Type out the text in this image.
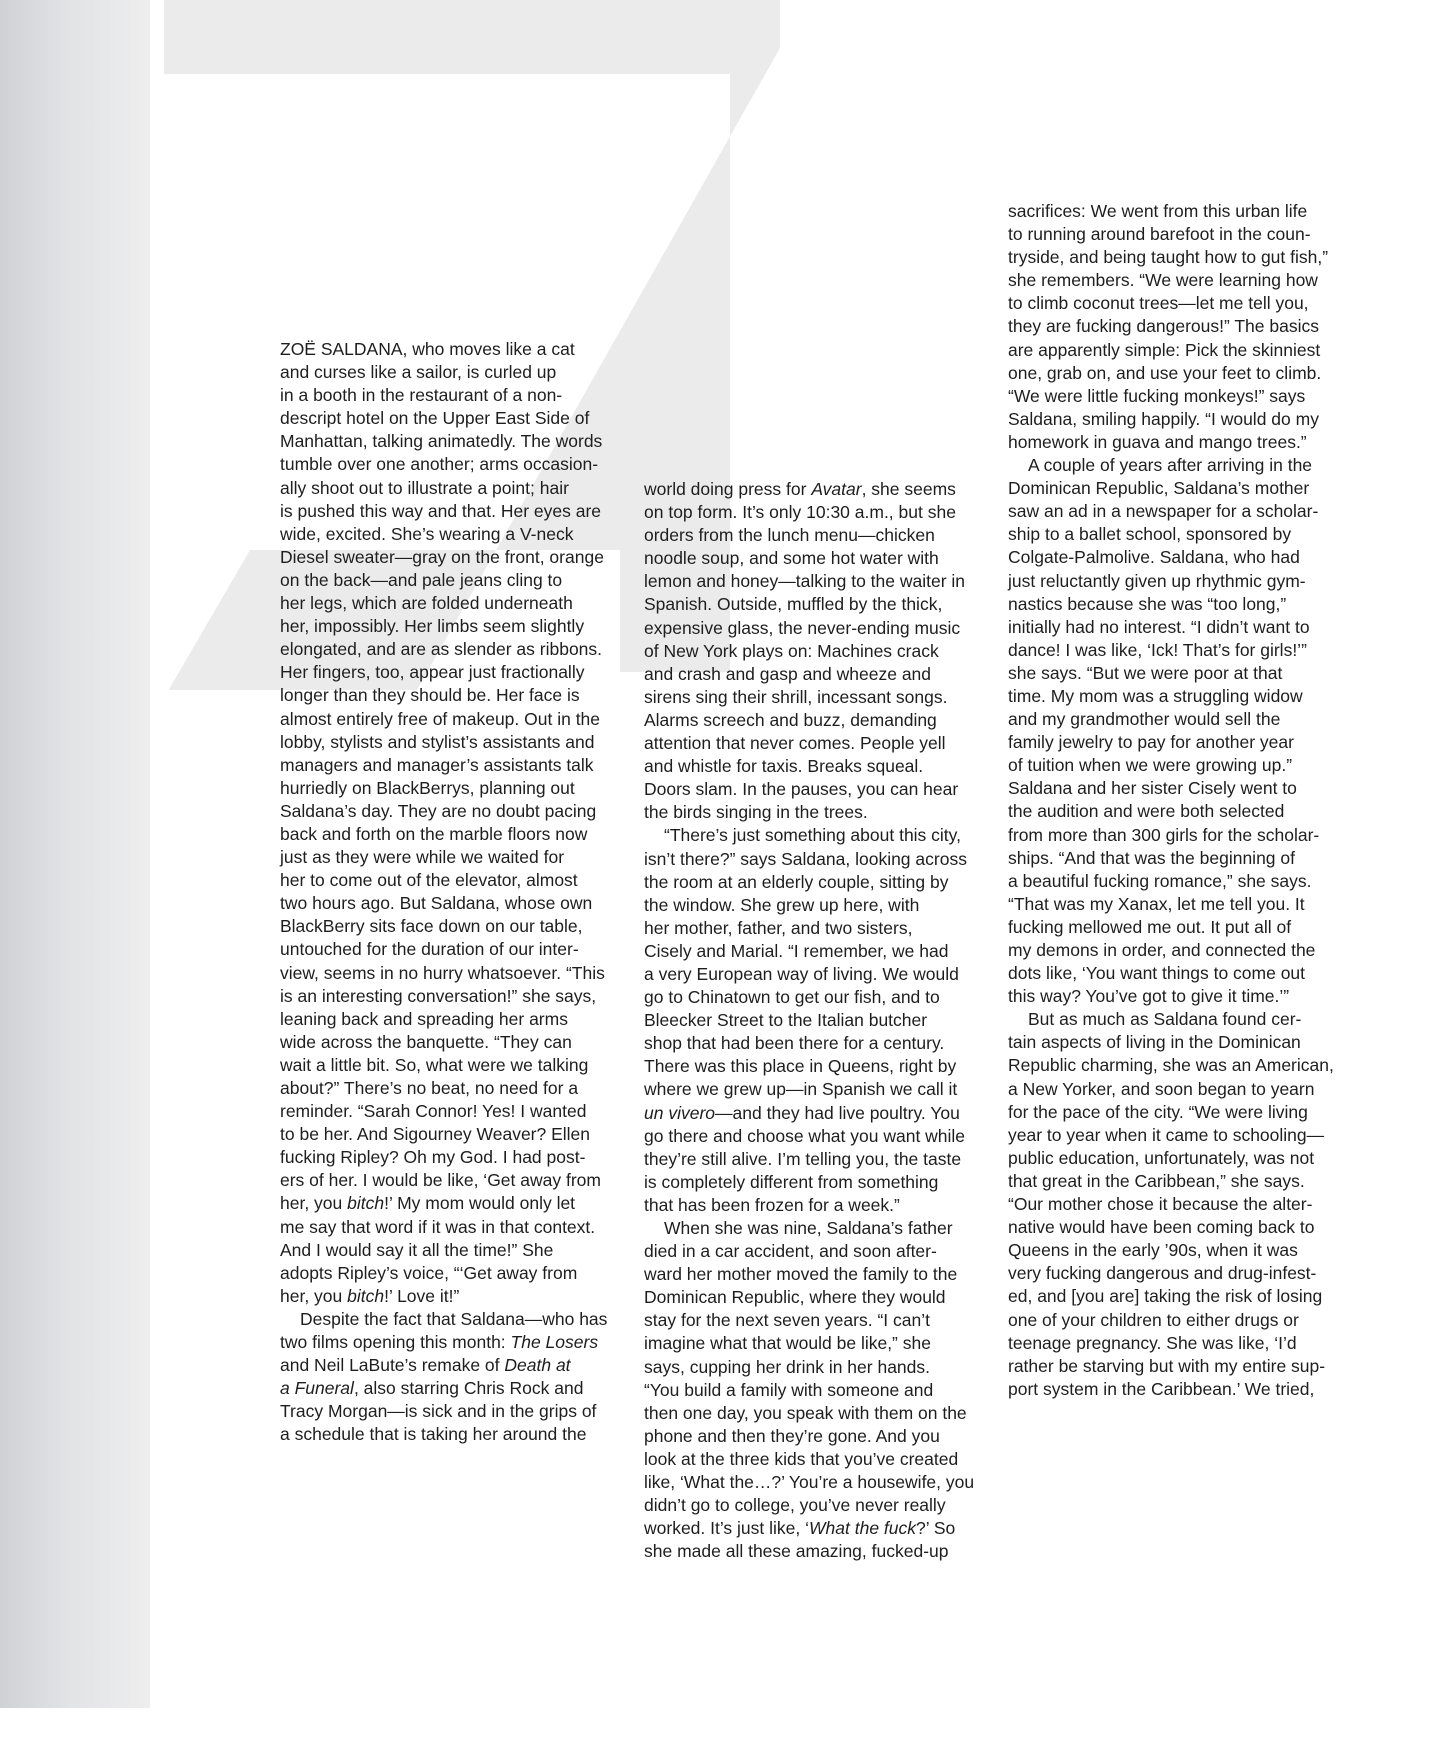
ZOË SALDANA, who moves like a cat
and curses like a sailor, is curled up
in a booth in the restaurant of a non-
descript hotel on the Upper East Side of
Manhattan, talking animatedly. The words
tumble over one another; arms occasion-
ally shoot out to illustrate a point; hair
is pushed this way and that. Her eyes are
wide, excited. She’s wearing a V-neck
Diesel sweater—gray on the front, orange
on the back—and pale jeans cling to
her legs, which are folded underneath
her, impossibly. Her limbs seem slightly
elongated, and are as slender as ribbons.
Her fingers, too, appear just fractionally
longer than they should be. Her face is
almost entirely free of makeup. Out in the
lobby, stylists and stylist’s assistants and
managers and manager’s assistants talk
hurriedly on BlackBerrys, planning out
Saldana’s day. They are no doubt pacing
back and forth on the marble floors now
just as they were while we waited for
her to come out of the elevator, almost
two hours ago. But Saldana, whose own
BlackBerry sits face down on our table,
untouched for the duration of our inter-
view, seems in no hurry whatsoever. “This
is an interesting conversation!” she says,
leaning back and spreading her arms
wide across the banquette. “They can
wait a little bit. So, what were we talking
about?” There’s no beat, no need for a
reminder. “Sarah Connor! Yes! I wanted
to be her. And Sigourney Weaver? Ellen
fucking Ripley? Oh my God. I had post-
ers of her. I would be like, ‘Get away from
her, you bitch!’ My mom would only let
me say that word if it was in that context.
And I would say it all the time!” She
adopts Ripley’s voice, “‘Get away from
her, you bitch!’ Love it!”

Despite the fact that Saldana—who has
two films opening this month: The Losers
and Neil LaBute’s remake of Death at
a Funeral, also starring Chris Rock and
Tracy Morgan—is sick and in the grips of
a schedule that is taking her around the

world doing press for Avatar, she seems
on top form. It’s only 10:30 a.m., but she
orders from the lunch menu—chicken
noodle soup, and some hot water with
lemon and honey—talking to the waiter in
Spanish. Outside, muffled by the thick,
expensive glass, the never-ending music
of New York plays on: Machines crack
and crash and gasp and wheeze and
sirens sing their shrill, incessant songs.
Alarms screech and buzz, demanding
attention that never comes. People yell
and whistle for taxis. Breaks squeal.
Doors slam. In the pauses, you can hear
the birds singing in the trees.

“There’s just something about this city,
isn’t there?” says Saldana, looking across
the room at an elderly couple, sitting by
the window. She grew up here, with
her mother, father, and two sisters,
Cisely and Marial. “I remember, we had
a very European way of living. We would
go to Chinatown to get our fish, and to
Bleecker Street to the Italian butcher
shop that had been there for a century.
There was this place in Queens, right by
where we grew up—in Spanish we call it
un vivero—and they had live poultry. You
go there and choose what you want while
they’re still alive. I’m telling you, the taste
is completely different from something
that has been frozen for a week.”

When she was nine, Saldana’s father
died in a car accident, and soon after-
ward her mother moved the family to the
Dominican Republic, where they would
stay for the next seven years. “I can’t
imagine what that would be like,” she
says, cupping her drink in her hands.
“You build a family with someone and
then one day, you speak with them on the
phone and then they’re gone. And you
look at the three kids that you’ve created
like, ‘What the…?’ You’re a housewife, you
didn’t go to college, you’ve never really
worked. It’s just like, ‘What the fuck?’ So
she made all these amazing, fucked-up

sacrifices: We went from this urban life
to running around barefoot in the coun-
tryside, and being taught how to gut fish,”
she remembers. “We were learning how
to climb coconut trees—let me tell you,
they are fucking dangerous!” The basics
are apparently simple: Pick the skinniest
one, grab on, and use your feet to climb.
“We were little fucking monkeys!” says
Saldana, smiling happily. “I would do my
homework in guava and mango trees.”

A couple of years after arriving in the
Dominican Republic, Saldana’s mother
saw an ad in a newspaper for a scholar-
ship to a ballet school, sponsored by
Colgate-Palmolive. Saldana, who had
just reluctantly given up rhythmic gym-
nastics because she was “too long,”
initially had no interest. “I didn’t want to
dance! I was like, ‘Ick! That’s for girls!’”
she says. “But we were poor at that
time. My mom was a struggling widow
and my grandmother would sell the
family jewelry to pay for another year
of tuition when we were growing up.”
Saldana and her sister Cisely went to
the audition and were both selected
from more than 300 girls for the scholar-
ships. “And that was the beginning of
a beautiful fucking romance,” she says.
“That was my Xanax, let me tell you. It
fucking mellowed me out. It put all of
my demons in order, and connected the
dots like, ‘You want things to come out
this way? You’ve got to give it time.’”

But as much as Saldana found cer-
tain aspects of living in the Dominican
Republic charming, she was an American,
a New Yorker, and soon began to yearn
for the pace of the city. “We were living
year to year when it came to schooling—
public education, unfortunately, was not
that great in the Caribbean,” she says.
“Our mother chose it because the alter-
native would have been coming back to
Queens in the early ’90s, when it was
very fucking dangerous and drug-infest-
ed, and [you are] taking the risk of losing
one of your children to either drugs or
teenage pregnancy. She was like, ‘I’d
rather be starving but with my entire sup-
port system in the Caribbean.’ We tried,
